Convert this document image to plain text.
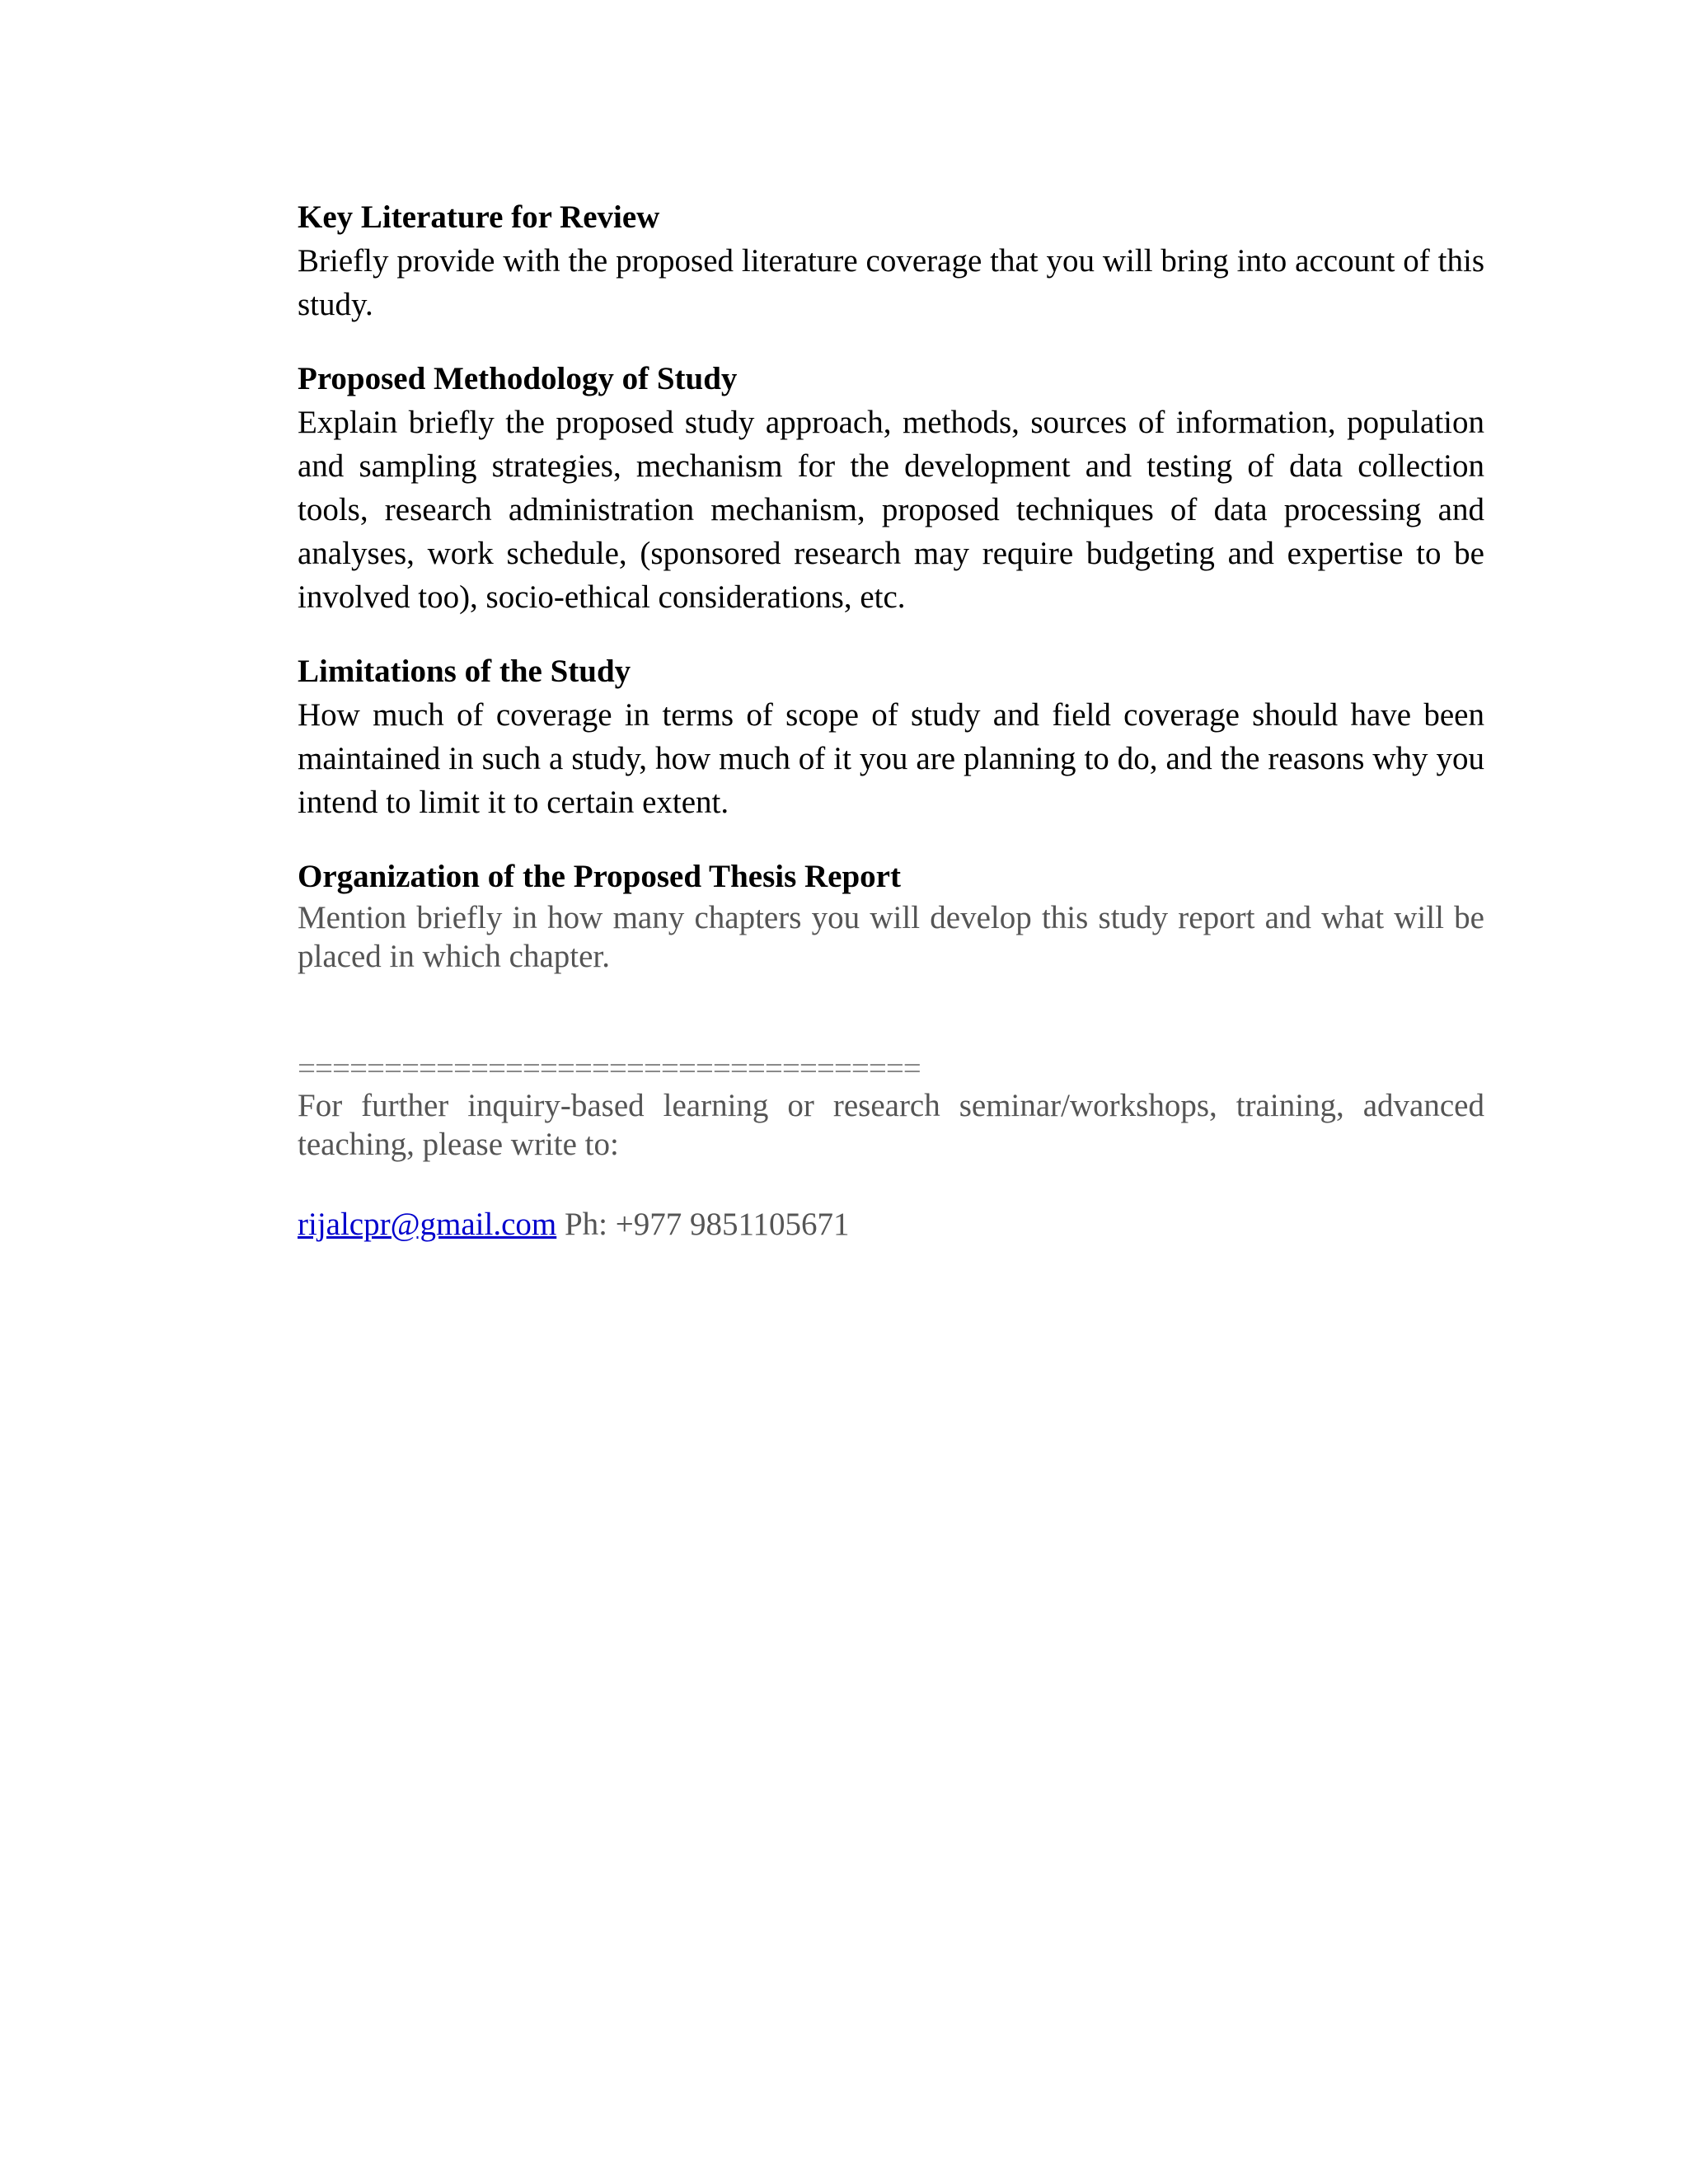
Key Literature for Review

Briefly provide with the proposed literature coverage that you will bring into account of this study.

Proposed Methodology of Study

Explain briefly the proposed study approach, methods, sources of information, population and sampling strategies, mechanism for the development and testing of data collection tools, research administration mechanism, proposed techniques of data processing and analyses, work schedule, (sponsored research may require budgeting and expertise to be involved too), socio-ethical considerations, etc.

Limitations of the Study

How much of coverage in terms of scope of study and field coverage should have been maintained in such a study, how much of it you are planning to do, and the reasons why you intend to limit it to certain extent.

Organization of the Proposed Thesis Report

Mention briefly in how many chapters you will develop this study report and what will be placed in which chapter.

====================================

For further inquiry-based learning or research seminar/workshops, training, advanced teaching, please write to:

rijalcpr@gmail.com Ph: +977 9851105671
